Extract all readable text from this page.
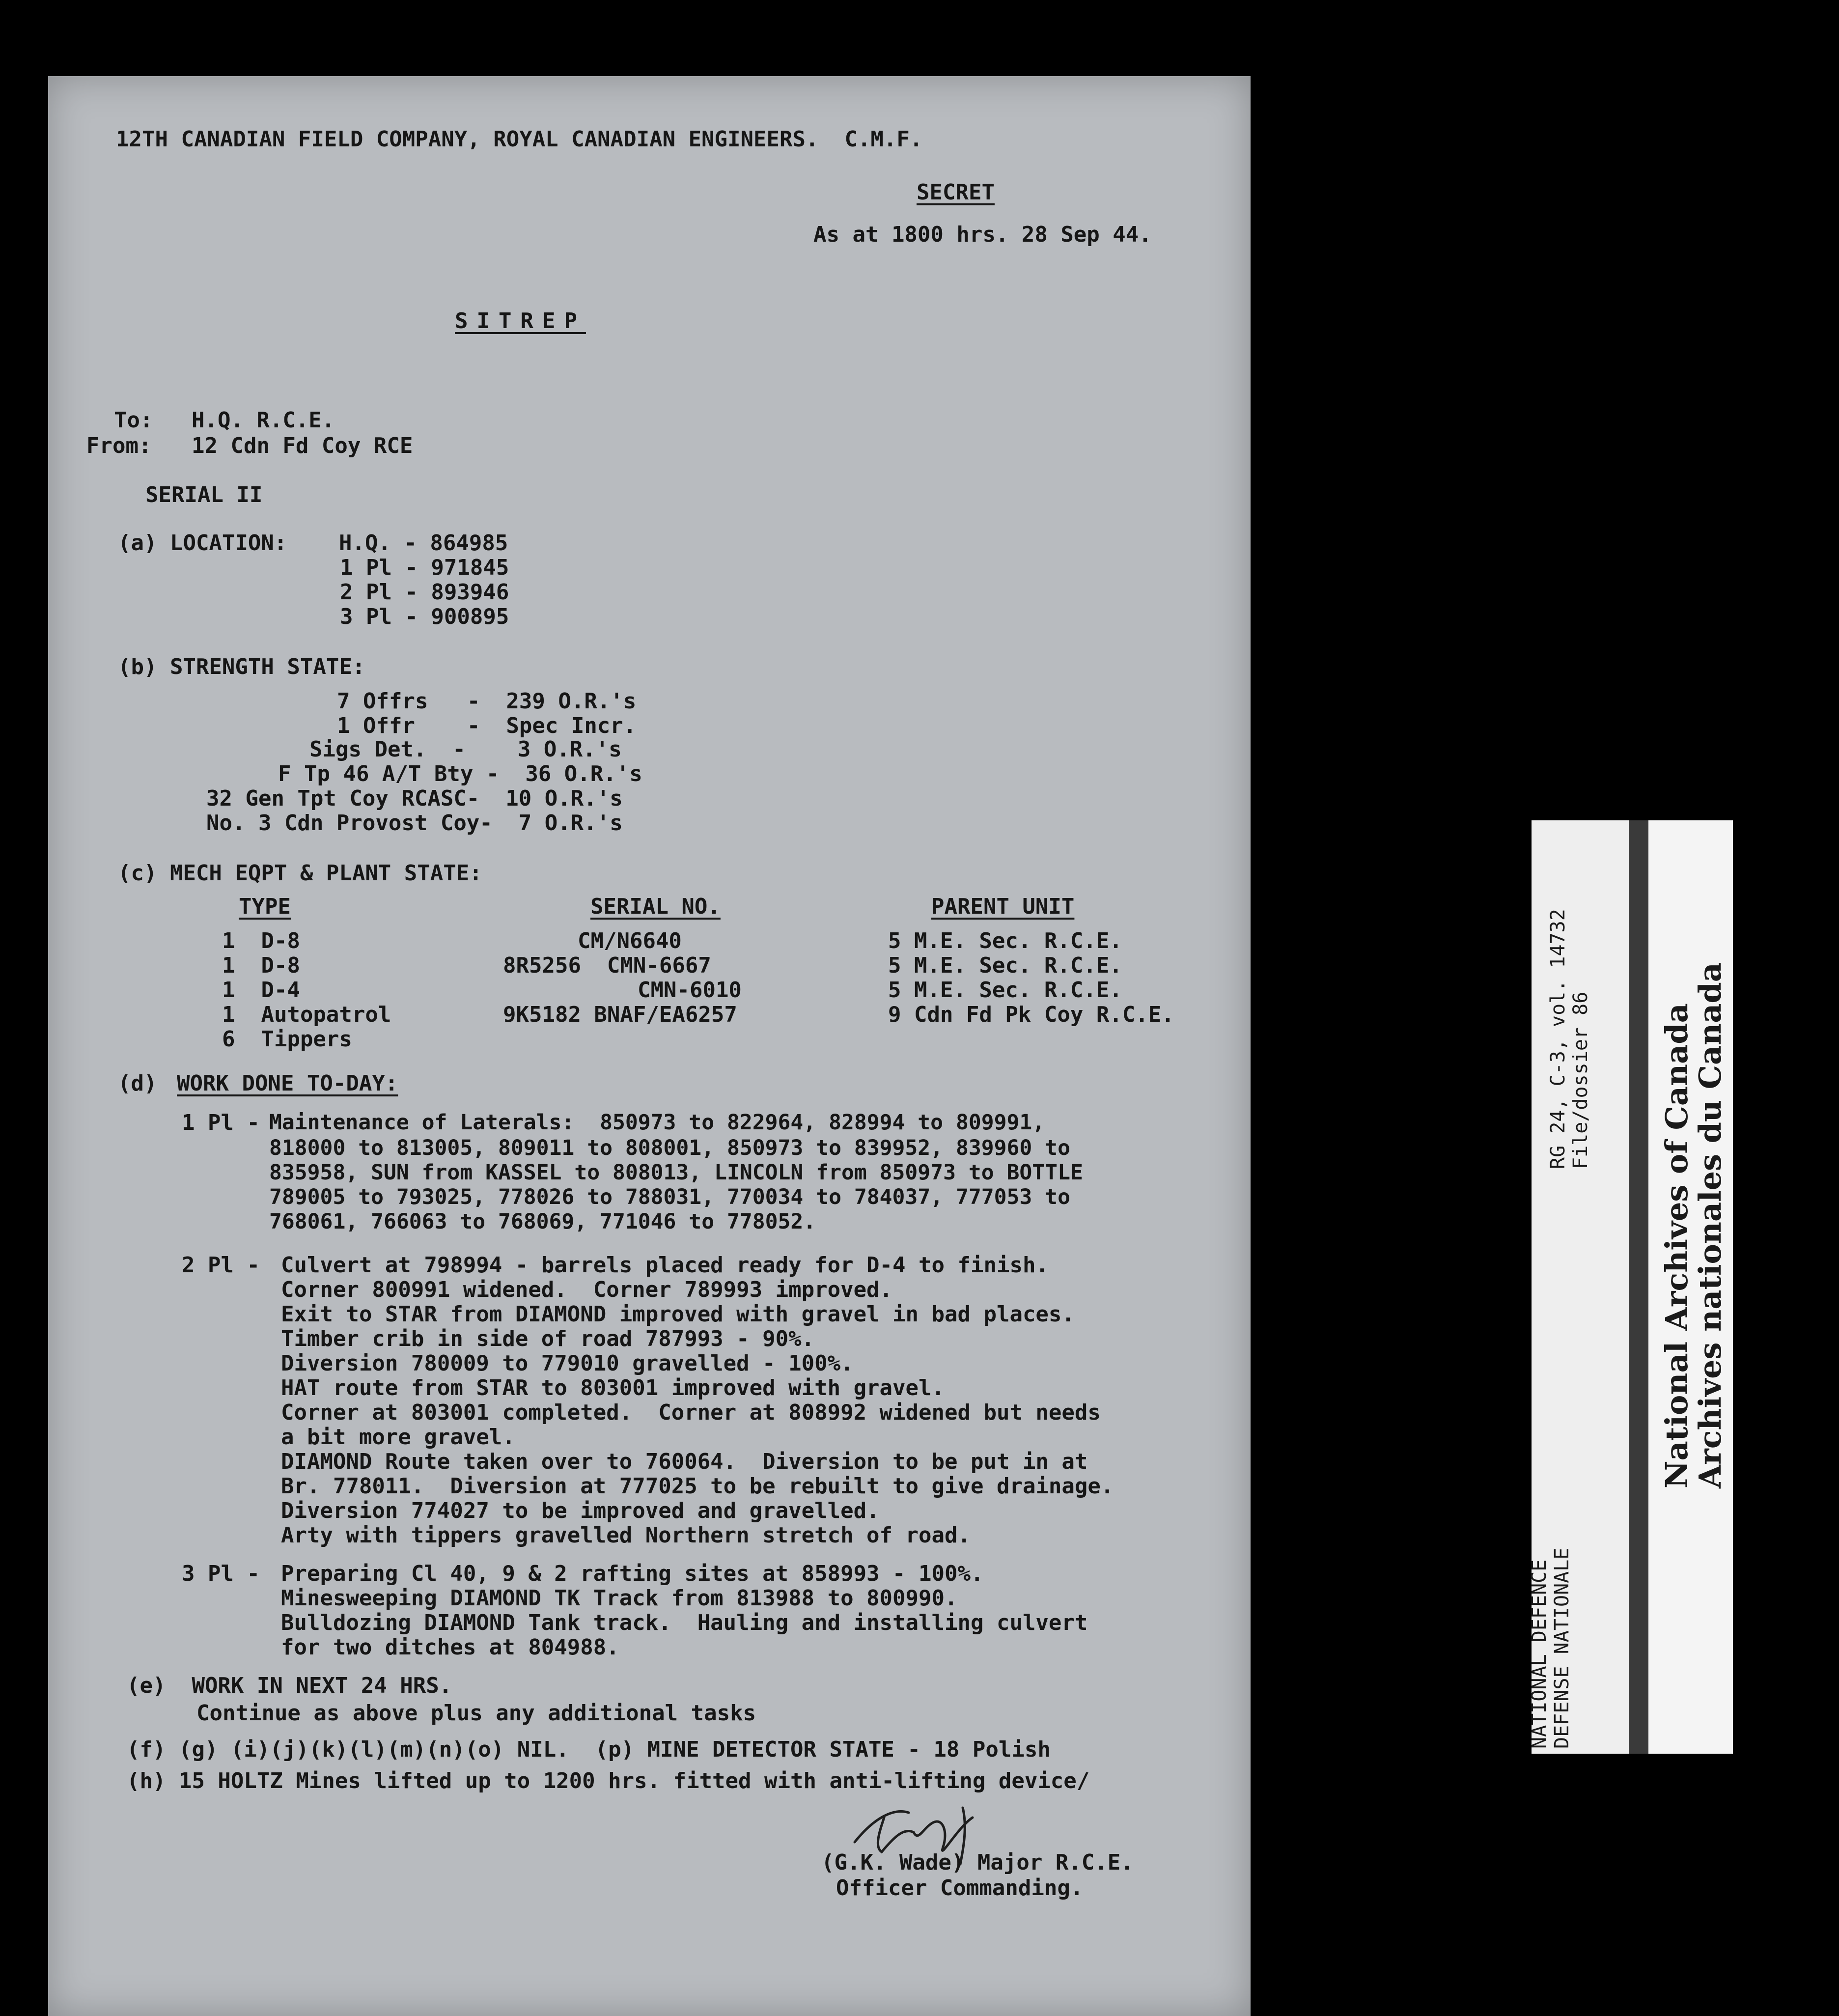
12TH CANADIAN FIELD COMPANY, ROYAL CANADIAN ENGINEERS.  C.M.F.
SECRET
As at 1800 hrs. 28 Sep 44.
SITREP
To: H.Q. R.C.E.
From: 12 Cdn Fd Coy RCE
SERIAL II
(a) LOCATION: H.Q. - 864985
1 Pl - 971845
2 Pl - 893946
3 Pl - 900895
(b) STRENGTH STATE:
7 Offrs   -  239 O.R.'s
1 Offr    -  Spec Incr.
Sigs Det.  -    3 O.R.'s
F Tp 46 A/T Bty -  36 O.R.'s
32 Gen Tpt Coy RCASC-  10 O.R.'s
No. 3 Cdn Provost Coy-  7 O.R.'s
(c) MECH EQPT & PLANT STATE:
TYPE	SERIAL NO.	PARENT UNIT
1  D-8	CM/N6640	5 M.E. Sec. R.C.E.
1  D-8	8R5256  CMN-6667	5 M.E. Sec. R.C.E.
1  D-4	CMN-6010	5 M.E. Sec. R.C.E.
1  Autopatrol	9K5182 BNAF/EA6257	9 Cdn Fd Pk Coy R.C.E.
6  Tippers
(d) WORK DONE TO-DAY:
1 Pl - Maintenance of Laterals:  850973 to 822964, 828994 to 809991,
818000 to 813005, 809011 to 808001, 850973 to 839952, 839960 to
835958, SUN from KASSEL to 808013, LINCOLN from 850973 to BOTTLE
789005 to 793025, 778026 to 788031, 770034 to 784037, 777053 to
768061, 766063 to 768069, 771046 to 778052.
2 Pl - Culvert at 798994 - barrels placed ready for D-4 to finish.
Corner 800991 widened.  Corner 789993 improved.
Exit to STAR from DIAMOND improved with gravel in bad places.
Timber crib in side of road 787993 - 90%.
Diversion 780009 to 779010 gravelled - 100%.
HAT route from STAR to 803001 improved with gravel.
Corner at 803001 completed.  Corner at 808992 widened but needs
a bit more gravel.
DIAMOND Route taken over to 760064.  Diversion to be put in at
Br. 778011.  Diversion at 777025 to be rebuilt to give drainage.
Diversion 774027 to be improved and gravelled.
Arty with tippers gravelled Northern stretch of road.
3 Pl - Preparing Cl 40, 9 & 2 rafting sites at 858993 - 100%.
Minesweeping DIAMOND TK Track from 813988 to 800990.
Bulldozing DIAMOND Tank track.  Hauling and installing culvert
for two ditches at 804988.
(e)  WORK IN NEXT 24 HRS.
Continue as above plus any additional tasks
(f) (g) (i)(j)(k)(l)(m)(n)(o) NIL.  (p) MINE DETECTOR STATE - 18 Polish
(h) 15 HOLTZ Mines lifted up to 1200 hrs. fitted with anti-lifting device/
(G.K. Wade) Major R.C.E.
Officer Commanding.
RG 24, C-3, vol. 14732 File/dossier 86
NATIONAL DEFENCE DEFENSE NATIONALE
National Archives of Canada
Archives nationales du Canada
